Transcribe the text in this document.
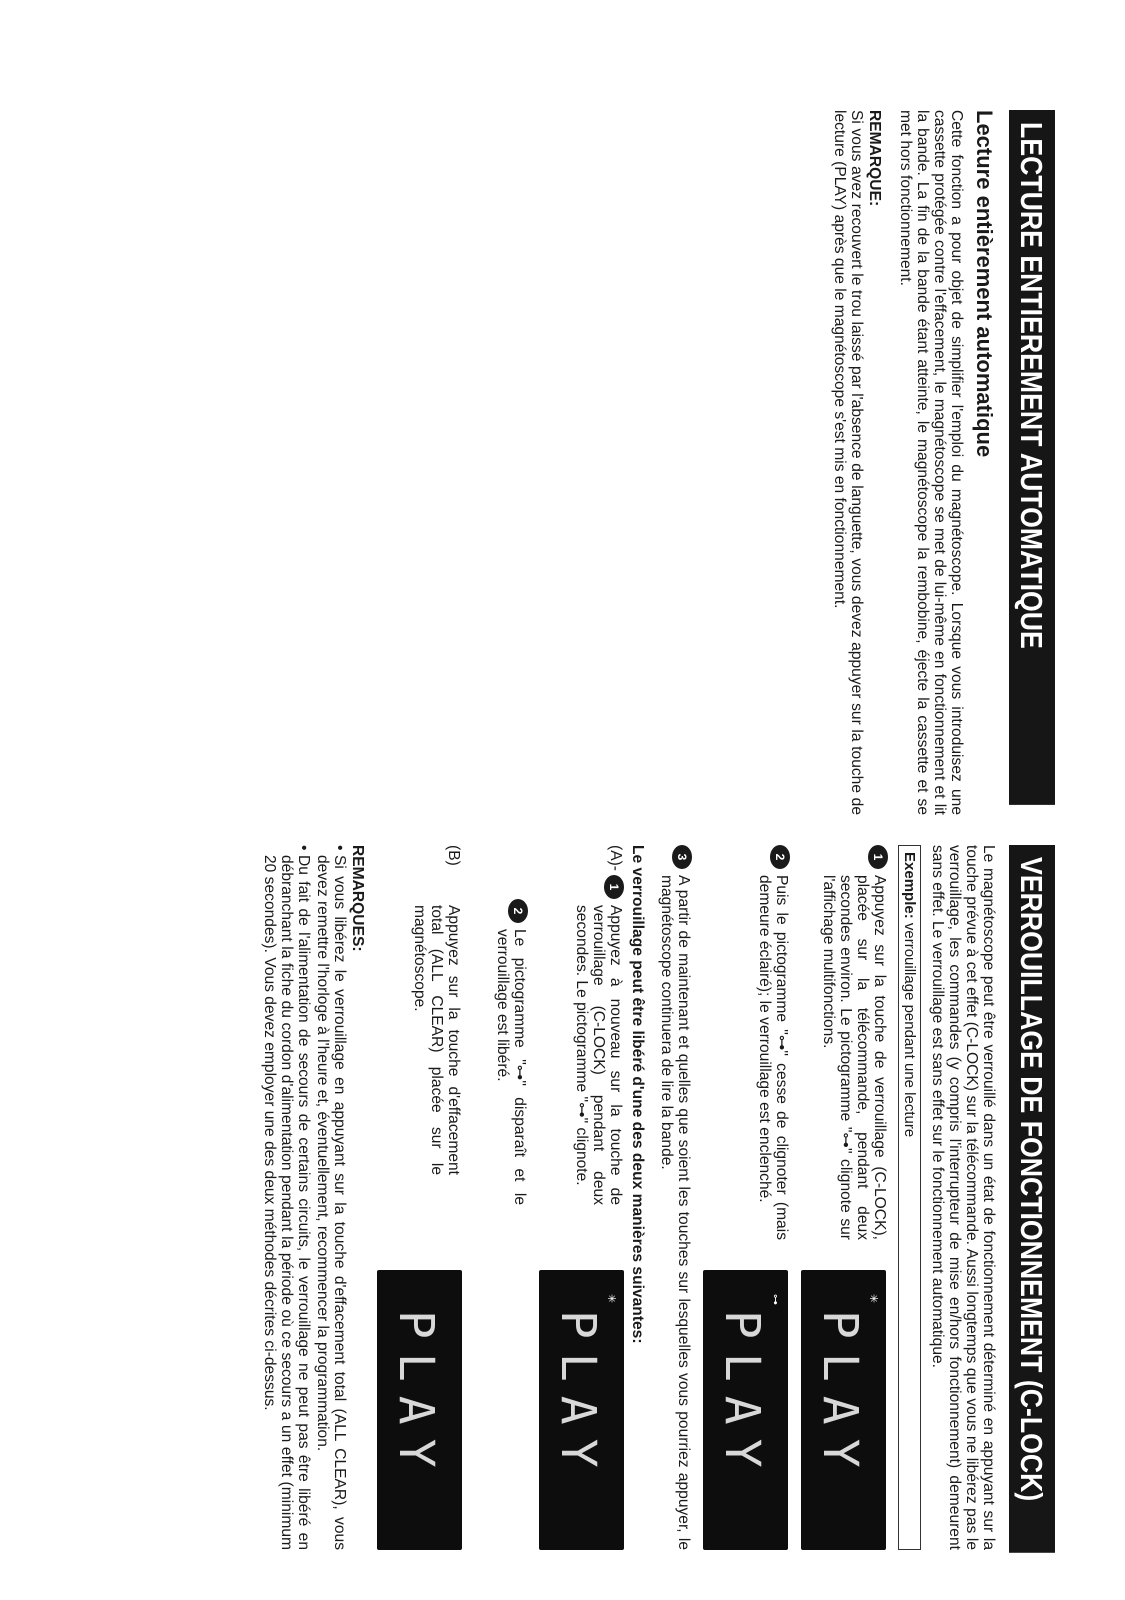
LECTURE ENTIEREMENT AUTOMATIQUE
Lecture entièrement automatique

Cette fonction a pour objet de simplifier l'emploi du magnétoscope. Lorsque vous introduisez une cassette protégée contre l'effacement, le magnétoscope se met de lui-même en fonctionnement et lit la bande. La fin de la bande étant atteinte, le magnétoscope la rembobine, éjecte la cassette et se met hors fonctionnement.

REMARQUE:

Si vous avez recouvert le trou laissé par l'absence de languette, vous devez appuyer sur la touche de lecture (PLAY) après que le magnétoscope s'est mis en fonctionnement.

VERROUILLAGE DE FONCTIONNEMENT (C-LOCK)

Le magnétoscope peut être verrouillé dans un état de fonctionnement déterminé en appuyant sur la touche prévue à cet effet (C-LOCK) sur la télécommande. Aussi longtemps que vous ne libérez pas le verrouillage, les commandes (y compris l'interrupteur de mise en/hors fonctionnement) demeurent sans effet. Le verrouillage est sans effet sur le fonctionnement automatique.

Exemple: verrouillage pendant une lecture
1

Appuyez sur la touche de verrouillage (C-LOCK), placée sur la télécommande, pendant deux secondes environ. Le pictogramme "⊶" clignote sur l'affichage multifonctions.

✳
PLAY
2

Puis le pictogramme "⊶" cesse de clignoter (mais demeure éclairé); le verrouillage est enclenché.

⊶
PLAY
3

A partir de maintenant et quelles que soient les touches sur lesquelles vous pourriez appuyer, le magnétoscope continuera de lire la bande.

Le verrouillage peut être libéré d'une des deux manières suivantes:
(A)-
1

Appuyez à nouveau sur la touche de verrouillage (C-LOCK) pendant deux secondes. Le pictogramme "⊶" clignote.

✳
PLAY
2

Le pictogramme "⊶" disparaît et le verrouillage est libéré.

(B)

Appuyez sur la touche d'effacement total (ALL CLEAR) placée sur le magnétoscope.

PLAY
REMARQUES:
• Si vous libérez le verrouillage en appuyant sur la touche d'effacement total (ALL CLEAR), vous devez remettre l'horloge à l'heure et, éventuellement, recommencer la programmation.
• Du fait de l'alimentation de secours de certains circuits, le verrouillage ne peut pas être libéré en débranchant la fiche du cordon d'alimentation pendant la période où ce secours a un effet (minimum 20 secondes). Vous devez employer une des deux méthodes décrites ci-dessus.
